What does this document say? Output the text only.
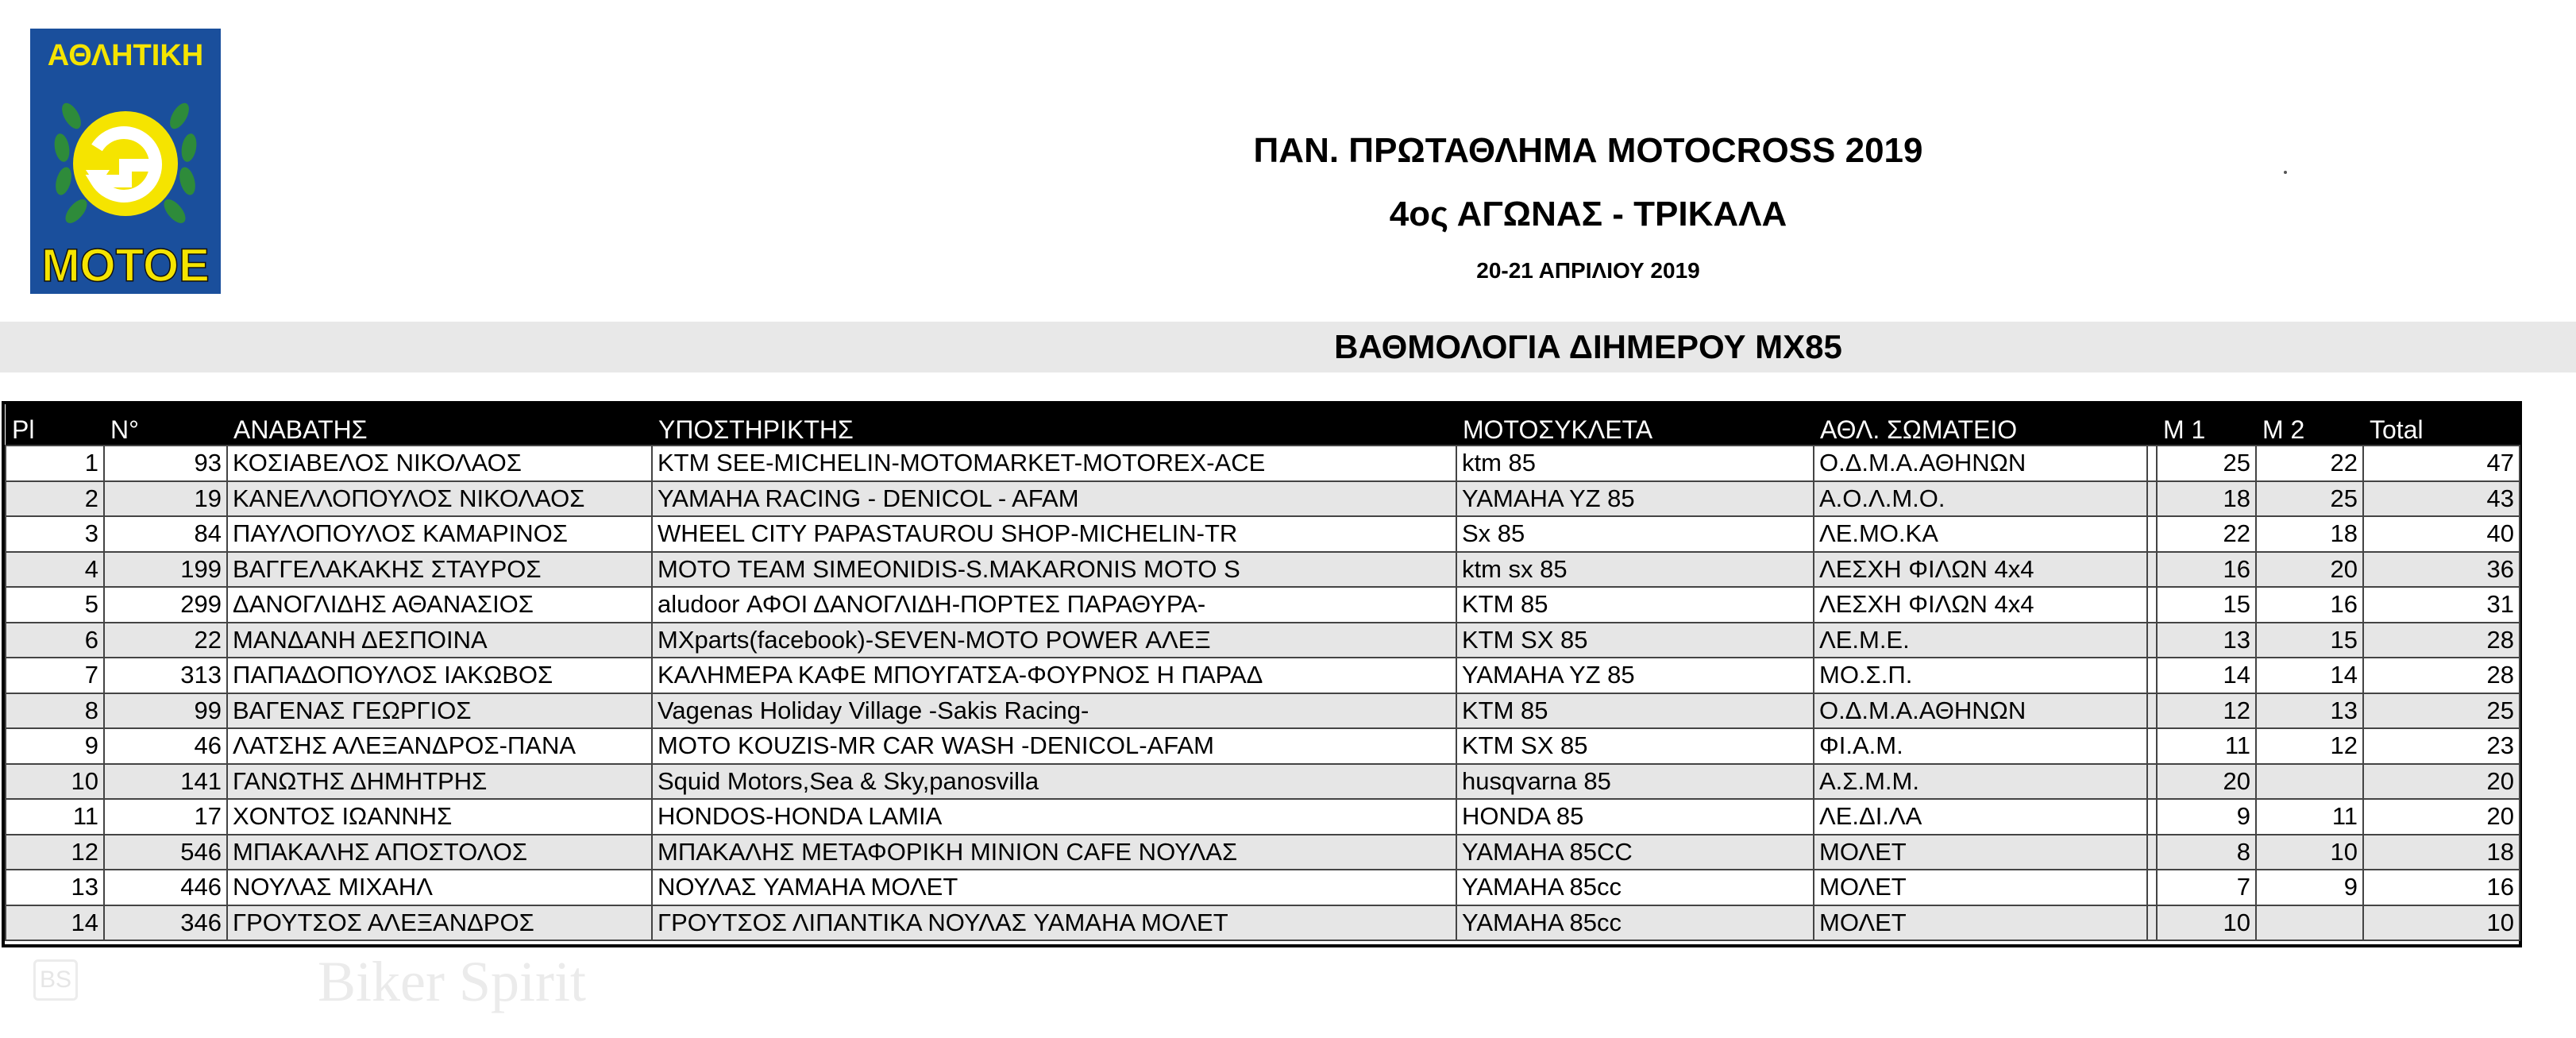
ΑΘΛΗΤΙΚΗ
ΜΟΤΟΕ
ΠΑΝ. ΠΡΩΤΑΘΛΗΜΑ MOTOCROSS 2019
4ος ΑΓΩΝΑΣ - ΤΡΙΚΑΛΑ
20-21 ΑΠΡΙΛΙΟΥ 2019
ΒΑΘΜΟΛΟΓΙΑ ΔΙΗΜΕΡΟΥ MX85
Pl	N°	ΑΝΑΒΑΤΗΣ	ΥΠΟΣΤΗΡΙΚΤΗΣ	ΜΟΤΟΣΥΚΛΕΤΑ	ΑΘΛ. ΣΩΜΑΤΕΙΟ		Μ 1	Μ 2	Total
1	93	ΚΟΣΙΑΒΕΛΟΣ ΝΙΚΟΛΑΟΣ	KTM SEE-MICHELIN-MOTOMARKET-MOTOREX-ACE	ktm 85	Ο.Δ.Μ.Α.ΑΘΗΝΩΝ		25	22	47
2	19	ΚΑΝΕΛΛΟΠΟΥΛΟΣ ΝΙΚΟΛΑΟΣ	YAMAHA RACING - DENICOL - AFAM	YAMAHA YZ 85	Α.Ο.Λ.Μ.Ο.		18	25	43
3	84	ΠΑΥΛΟΠΟΥΛΟΣ ΚΑΜΑΡΙΝΟΣ	WHEEL CITY PAPASTAUROU SHOP-MICHELIN-TR	Sx 85	ΛΕ.ΜΟ.ΚΑ		22	18	40
4	199	ΒΑΓΓΕΛΑΚΑΚΗΣ ΣΤΑΥΡΟΣ	MOTO TEAM SIMEONIDIS-S.MAKARONIS MOTO S	ktm sx 85	ΛΕΣΧΗ ΦΙΛΩΝ 4x4		16	20	36
5	299	ΔΑΝΟΓΛΙΔΗΣ ΑΘΑΝΑΣΙΟΣ	aludoor ΑΦΟΙ ΔΑΝΟΓΛΙΔΗ-ΠΟΡΤΕΣ ΠΑΡΑΘΥΡΑ-	KTM 85	ΛΕΣΧΗ ΦΙΛΩΝ 4x4		15	16	31
6	22	ΜΑΝΔΑΝΗ ΔΕΣΠΟΙΝΑ	MXparts(facebook)-SEVEN-MOTO POWER ΑΛΕΞ	KTM SX 85	ΛΕ.Μ.Ε.		13	15	28
7	313	ΠΑΠΑΔΟΠΟΥΛΟΣ ΙΑΚΩΒΟΣ	ΚΑΛΗΜΕΡΑ ΚΑΦΕ ΜΠΟΥΓΑΤΣΑ-ΦΟΥΡΝΟΣ Η ΠΑΡΑΔ	YAMAHA YZ 85	ΜΟ.Σ.Π.		14	14	28
8	99	ΒΑΓΕΝΑΣ ΓΕΩΡΓΙΟΣ	Vagenas Holiday Village -Sakis Racing-	KTM 85	Ο.Δ.Μ.Α.ΑΘΗΝΩΝ		12	13	25
9	46	ΛΑΤΣΗΣ ΑΛΕΞΑΝΔΡΟΣ-ΠΑΝΑ	MOTO KOUZIS-MR CAR WASH -DENICOL-AFAM	KTM SX 85	ΦΙ.Α.Μ.		11	12	23
10	141	ΓΑΝΩΤΗΣ ΔΗΜΗΤΡΗΣ	Squid Motors,Sea & Sky,panosvilla	husqvarna 85	Α.Σ.Μ.Μ.		20		20
11	17	ΧΟΝΤΟΣ ΙΩΑΝΝΗΣ	HONDOS-HONDA LAMIA	HONDA 85	ΛΕ.ΔΙ.ΛΑ		9	11	20
12	546	ΜΠΑΚΑΛΗΣ ΑΠΟΣΤΟΛΟΣ	ΜΠΑΚΑΛΗΣ ΜΕΤΑΦΟΡΙΚΗ MINION CAFE ΝΟΥΛΑΣ	YAMAHA 85CC	ΜΟΛΕΤ		8	10	18
13	446	ΝΟΥΛΑΣ ΜΙΧΑΗΛ	ΝΟΥΛΑΣ YAMAHA ΜΟΛΕΤ	YAMAHA 85cc	ΜΟΛΕΤ		7	9	16
14	346	ΓΡΟΥΤΣΟΣ ΑΛΕΞΑΝΔΡΟΣ	ΓΡΟΥΤΣΟΣ ΛΙΠΑΝΤΙΚΑ ΝΟΥΛΑΣ YAMAHA ΜΟΛΕΤ	YAMAHA 85cc	ΜΟΛΕΤ		10		10
BS	Biker Spirit
